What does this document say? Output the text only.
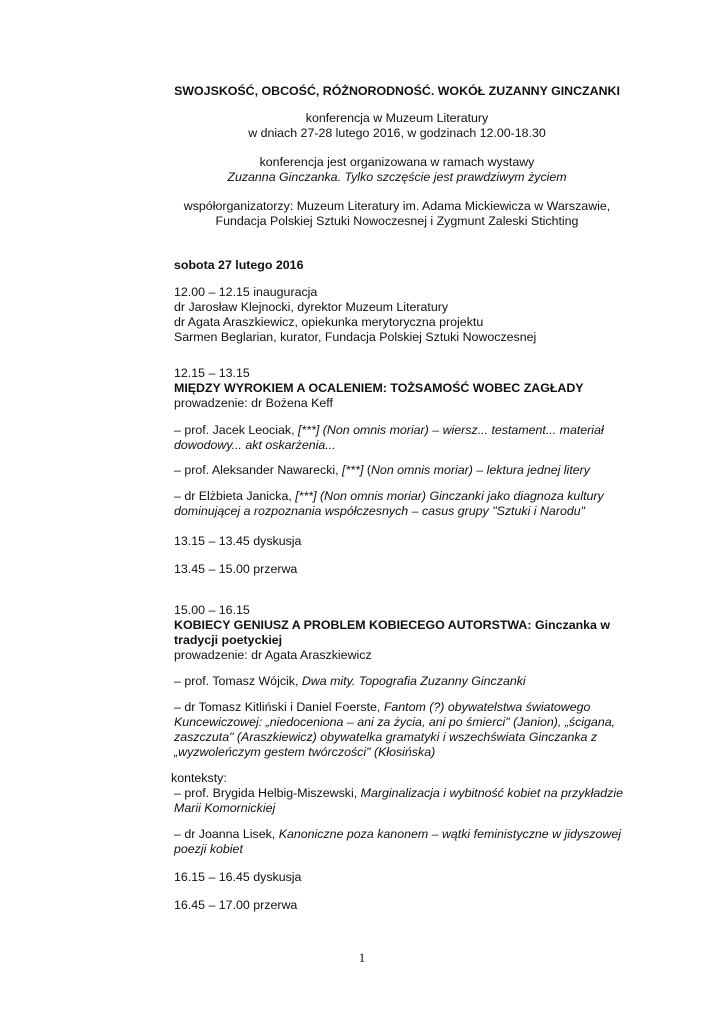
SWOJSKOŚĆ, OBCOŚĆ, RÓŻNORODNOŚĆ. WOKÓŁ ZUZANNY GINCZANKI

konferencja w Muzeum Literatury

w dniach 27-28 lutego 2016, w godzinach 12.00-18.30

konferencja jest organizowana w ramach wystawy

Zuzanna Ginczanka. Tylko szczęście jest prawdziwym życiem

współorganizatorzy: Muzeum Literatury im. Adama Mickiewicza w Warszawie,

Fundacja Polskiej Sztuki Nowoczesnej i Zygmunt Zaleski Stichting

sobota 27 lutego 2016

12.00 – 12.15 inauguracja

dr Jarosław Klejnocki, dyrektor Muzeum Literatury

dr Agata Araszkiewicz, opiekunka merytoryczna projektu

Sarmen Beglarian, kurator, Fundacja Polskiej Sztuki Nowoczesnej

12.15 – 13.15

MIĘDZY WYROKIEM A OCALENIEM: TOŻSAMOŚĆ WOBEC ZAGŁADY

prowadzenie: dr Bożena Keff

– prof. Jacek Leociak, [***] (Non omnis moriar) – wiersz... testament... materiał

dowodowy... akt oskarżenia...

– prof. Aleksander Nawarecki, [***] (Non omnis moriar) – lektura jednej litery

– dr Elżbieta Janicka, [***] (Non omnis moriar) Ginczanki jako diagnoza kultury

dominującej a rozpoznania współczesnych – casus grupy "Sztuki i Narodu"

13.15 – 13.45 dyskusja

13.45 – 15.00 przerwa

15.00 – 16.15

KOBIECY GENIUSZ A PROBLEM KOBIECEGO AUTORSTWA: Ginczanka w

tradycji poetyckiej

prowadzenie: dr Agata Araszkiewicz

– prof. Tomasz Wójcik, Dwa mity. Topografia Zuzanny Ginczanki

– dr Tomasz Kitliński i Daniel Foerste, Fantom (?) obywatelstwa światowego

Kuncewiczowej: „niedoceniona – ani za życia, ani po śmierci" (Janion), „ścigana,

zaszczuta" (Araszkiewicz) obywatelka gramatyki i wszechświata Ginczanka z

„wyzwoleńczym gestem twórczości" (Kłosińska)

konteksty:

– prof. Brygida Helbig-Miszewski, Marginalizacja i wybitność kobiet na przykładzie

Marii Komornickiej

– dr Joanna Lisek, Kanoniczne poza kanonem – wątki feministyczne w jidyszowej

poezji kobiet

16.15 – 16.45 dyskusja

16.45 – 17.00 przerwa

1
